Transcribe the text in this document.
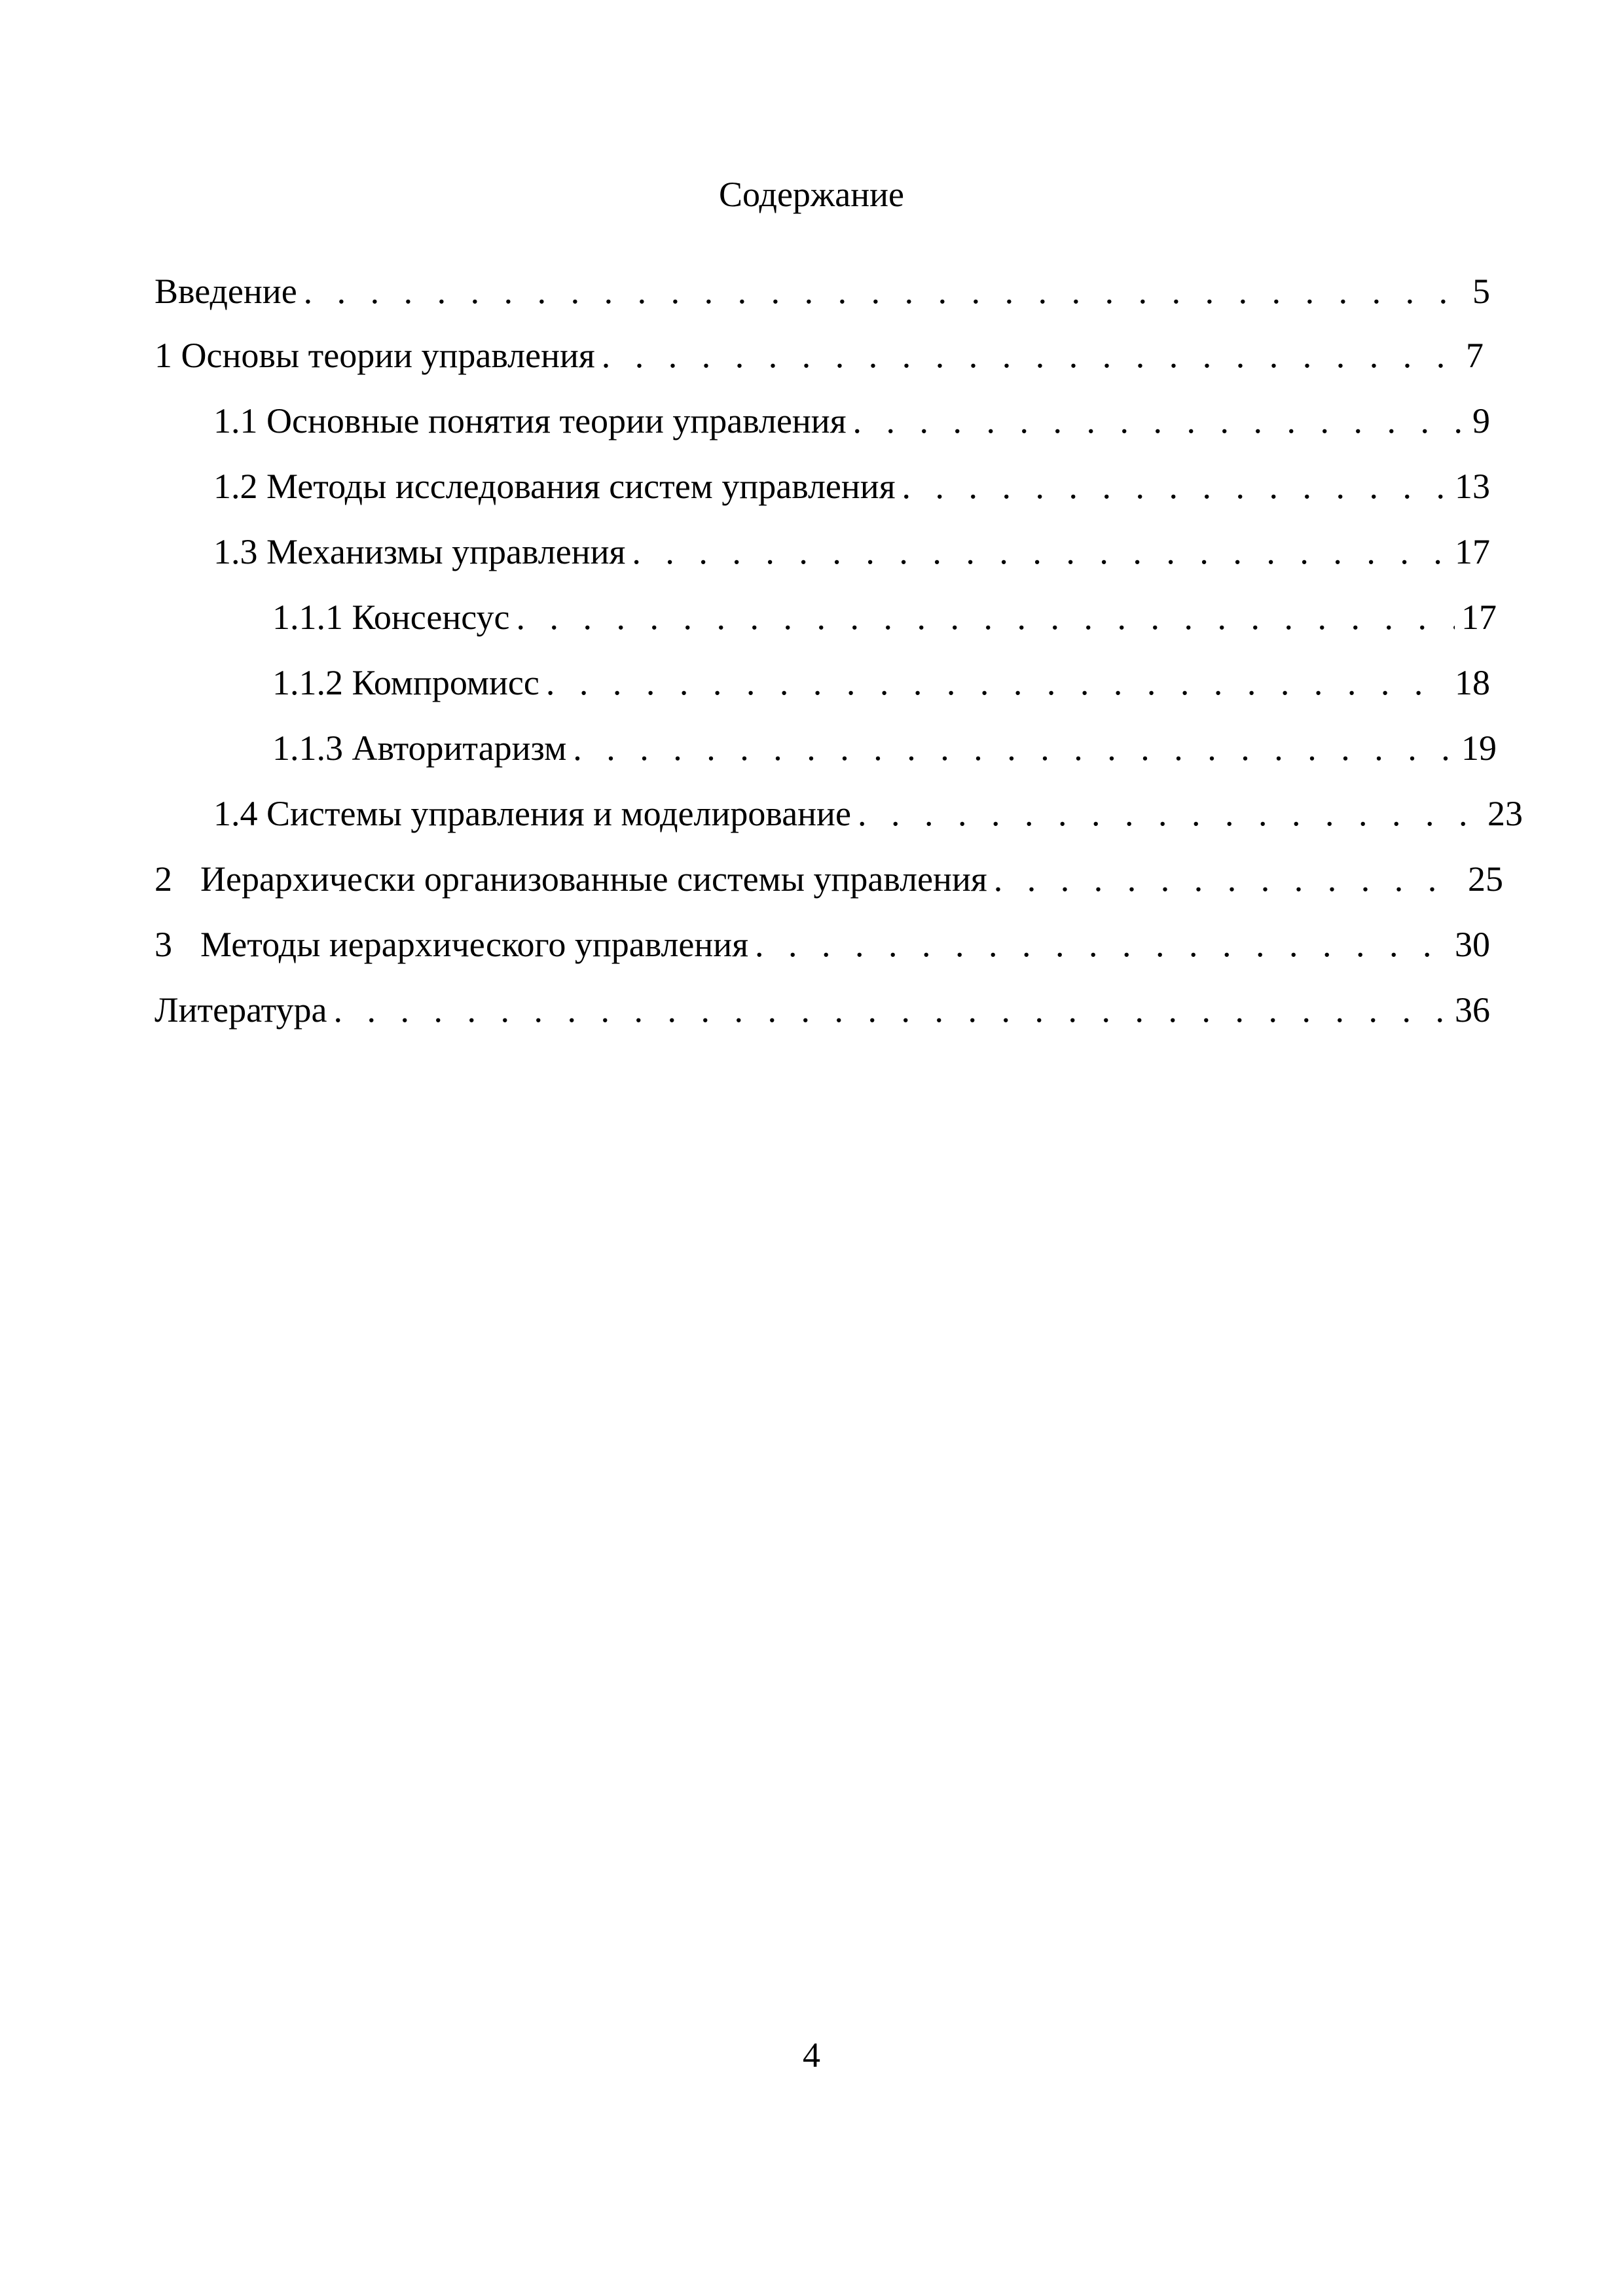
Содержание
Введение . . .	5
1 Основы теории управления . . .	7
1.1 Основные понятия теории управления . . .	9
1.2 Методы исследования систем управления . . .	13
1.3 Механизмы управления . . .	17
1.1.1 Консенсус . . .	17
1.1.2 Компромисс . . .	18
1.1.3 Авторитаризм . . .	19
1.4 Системы управления и моделирование . . .	23
2 Иерархически организованные системы управления . . .	25
3 Методы иерархического управления . . .	30
Литература . . .	36
4
